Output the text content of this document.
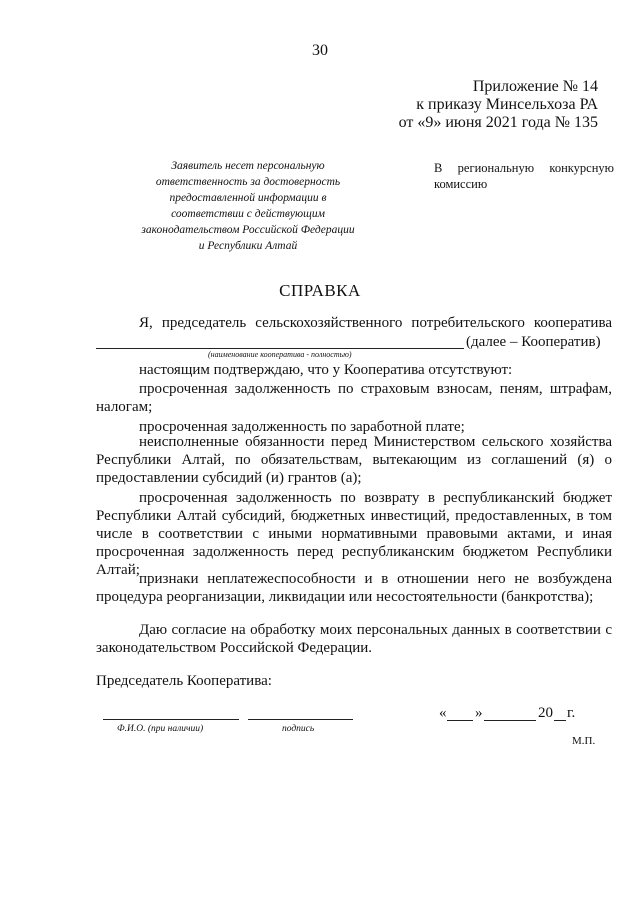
30
Приложение № 14
к приказу Минсельхоза РА
от «9» июня 2021 года № 135
Заявитель несет персональную
ответственность за достоверность
предоставленной информации в
соответствии с действующим
законодательством Российской Федерации
и Республики Алтай
В региональную конкурсную
комиссию
СПРАВКА
Я, председатель сельскохозяйственного потребительского кооператива
(далее – Кооператив)
(наименование кооператива - полностью)
настоящим подтверждаю, что у Кооператива отсутствуют:
просроченная задолженность по страховым взносам, пеням, штрафам,
налогам;
просроченная задолженность по заработной плате;
неисполненные обязанности перед Министерством сельского хозяйства
Республики Алтай, по обязательствам, вытекающим из соглашений (я) о
предоставлении субсидий (и) грантов (а);
просроченная задолженность по возврату в республиканский бюджет
Республики Алтай субсидий, бюджетных инвестиций, предоставленных, в том
числе в соответствии с иными нормативными правовыми актами, и иная
просроченная задолженность перед республиканским бюджетом Республики
Алтай;
признаки неплатежеспособности и в отношении него не возбуждена
процедура реорганизации, ликвидации или несостоятельности (банкротства);
Даю согласие на обработку моих персональных данных в соответствии с
законодательством Российской Федерации.
Председатель Кооператива:
Ф.И.О. (при наличии)	подпись
« »	20 г.
М.П.
